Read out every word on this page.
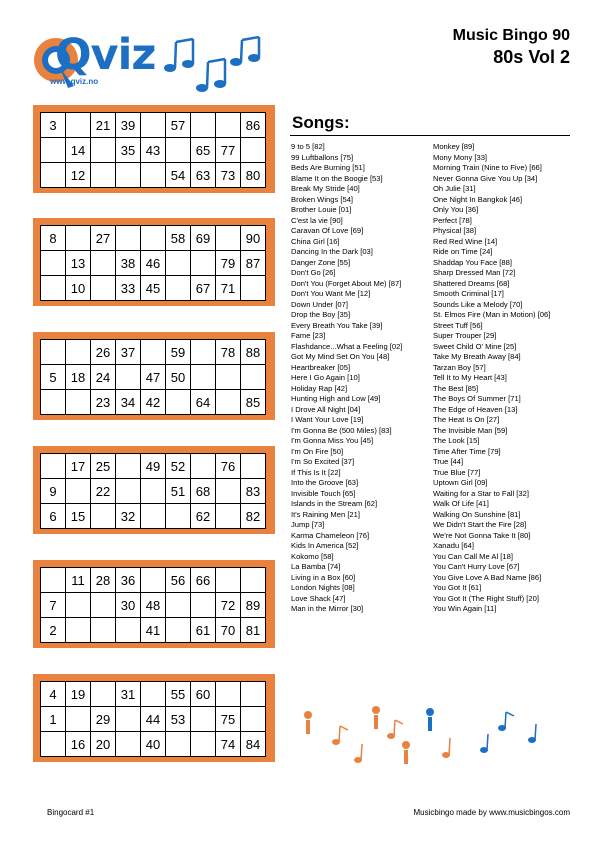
Qviz
www.qviz.no
Music Bingo 90
80s Vol 2
3		21	39		57			86
	14		35	43		65	77	
	12				54	63	73	80
8		27			58	69		90
	13		38	46			79	87
	10		33	45		67	71	
		26	37		59		78	88
5	18	24		47	50			
		23	34	42		64		85
	17	25		49	52		76	
9		22			51	68		83
6	15		32			62		82
	11	28	36		56	66		
7			30	48			72	89
2				41		61	70	81
4	19		31		55	60		
1		29		44	53		75	
	16	20		40			74	84
Songs:
9 to 5 [82]
99 Luftballons [75]
Beds Are Burning [51]
Blame It on the Boogie [53]
Break My Stride [40]
Broken Wings [54]
Brother Louie [01]
C'est la vie [90]
Caravan Of Love [69]
China Girl [16]
Dancing In the Dark [03]
Danger Zone [55]
Don't Go [26]
Don't You (Forget About Me) [87]
Don't You Want Me [12]
Down Under [07]
Drop the Boy [35]
Every Breath You Take [39]
Fame [23]
Flashdance...What a Feeling [02]
Got My Mind Set On You [48]
Heartbreaker [05]
Here I Go Again [10]
Holiday Rap [42]
Hunting High and Low [49]
I Drove All Night [04]
I Want Your Love [19]
I'm Gonna Be (500 Miles) [83]
I'm Gonna Miss You [45]
I'm On Fire [50]
I'm So Excited [37]
If This Is It [22]
Into the Groove [63]
Invisible Touch [65]
Islands in the Stream [62]
It's Raining Men [21]
Jump [73]
Karma Chameleon [76]
Kids In America [52]
Kokomo [58]
La Bamba [74]
Living in a Box [60]
London Nights [08]
Love Shack [47]
Man in the Mirror [30]
Monkey [89]
Mony Mony [33]
Morning Train (Nine to Five) [66]
Never Gonna Give You Up [34]
Oh Julie [31]
One Night In Bangkok [46]
Only You [36]
Perfect [78]
Physical [38]
Red Red Wine [14]
Ride on Time [24]
Shaddap You Face [88]
Sharp Dressed Man [72]
Shattered Dreams [68]
Smooth Criminal [17]
Sounds Like a Melody [70]
St. Elmos Fire (Man in Motion) [06]
Street Tuff [56]
Super Trouper [29]
Sweet Child O' Mine [25]
Take My Breath Away [84]
Tarzan Boy [57]
Tell It to My Heart [43]
The Best [85]
The Boys Of Summer [71]
The Edge of Heaven [13]
The Heat Is On [27]
The Invisible Man [59]
The Look [15]
Time After Time [79]
True [44]
True Blue [77]
Uptown Girl [09]
Waiting for a Star to Fall [32]
Walk Of Life [41]
Walking On Sunshine [81]
We Didn't Start the Fire [28]
We're Not Gonna Take It [80]
Xanadu [64]
You Can Call Me Al [18]
You Can't Hurry Love [67]
You Give Love A Bad Name [86]
You Got It [61]
You Got It (The Right Stuff) [20]
You Win Again [11]
Bingocard #1	Musicbingo made by www.musicbingos.com
